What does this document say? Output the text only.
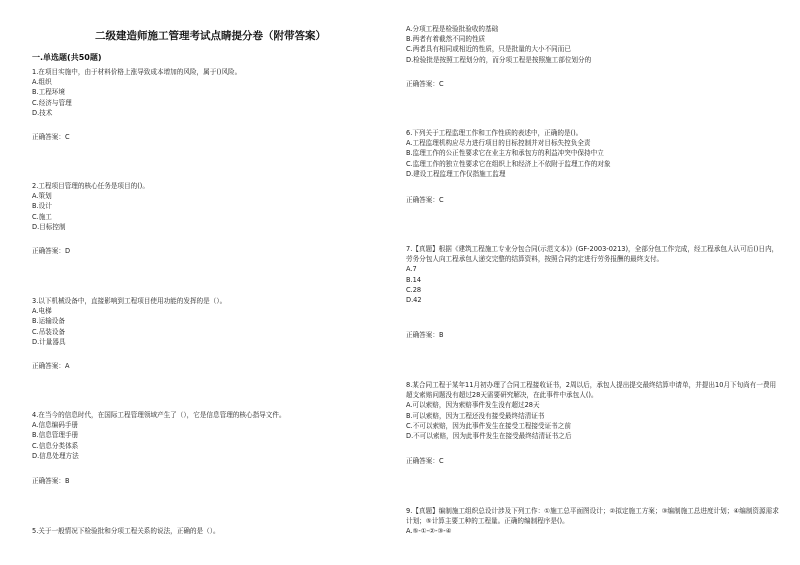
二级建造师施工管理考试点睛提分卷（附带答案）
一.单选题(共50题)
1.在项目实施中，由于材料价格上涨导致成本增加的风险，属于()风险。
A.组织
B.工程环境
C.经济与管理
D.技术
正确答案：C
2.工程项目管理的核心任务是项目的()。
A.策划
B.设计
C.施工
D.目标控制
正确答案：D
3.以下机械设备中，直接影响到工程项目使用功能的发挥的是（）。
A.电梯
B.运输设备
C.吊装设备
D.计量器具
正确答案：A
4.在当今的信息时代，在国际工程管理领域产生了（），它是信息管理的核心指导文件。
A.信息编码手册
B.信息管理手册
C.信息分类体系
D.信息处理方法
正确答案：B
5.关于一般情况下检验批和分项工程关系的说法，正确的是（）。
A.分项工程是检验批验收的基础
B.两者有着截然不同的性质
C.两者具有相同或相近的性质，只是批量的大小不同而已
D.检验批是按照工程划分的，而分项工程是按照施工部位划分的
正确答案：C
6.下列关于工程监理工作和工作性质的表述中，正确的是()。
A.工程监理机构应尽力进行项目的目标控制并对目标失控负全责
B.监理工作的公正性要求它在业主方和承包方的利益冲突中保持中立
C.监理工作的独立性要求它在组织上和经济上不依附于监理工作的对象
D.建设工程监理工作仅指施工监理
正确答案：C
7.【真题】根据《建筑工程施工专业分包合同(示范文本)》(GF-2003-0213)，全部分包工作完成，经工程承包人认可后()日内，劳务分包人向工程承包人递交完整的结算资料，按照合同约定进行劳务报酬的最终支付。
A.7
B.14
C.28
D.42
正确答案：B
8.某合同工程于某年11月初办理了合同工程接收证书，2周以后，承包人提出提交最终结算申请单，并提出10月下旬尚有一费用超支索赔问题没有超过28天需要研究解决，在此事件中承包人()。
A.可以索赔，因为索赔事件发生没有超过28天
B.可以索赔，因为工程还没有接受最终结清证书
C.不可以索赔，因为此事件发生在接受工程接受证书之前
D.不可以索赔，因为此事件发生在接受最终结清证书之后
正确答案：C
9.【真题】编制施工组织总设计涉及下列工作：①施工总平面图设计；②拟定施工方案；③编制施工总进度计划；④编制资源需求计划；⑤计算主要工种的工程量。正确的编制程序是()。
A.⑤-①-②-③-④
